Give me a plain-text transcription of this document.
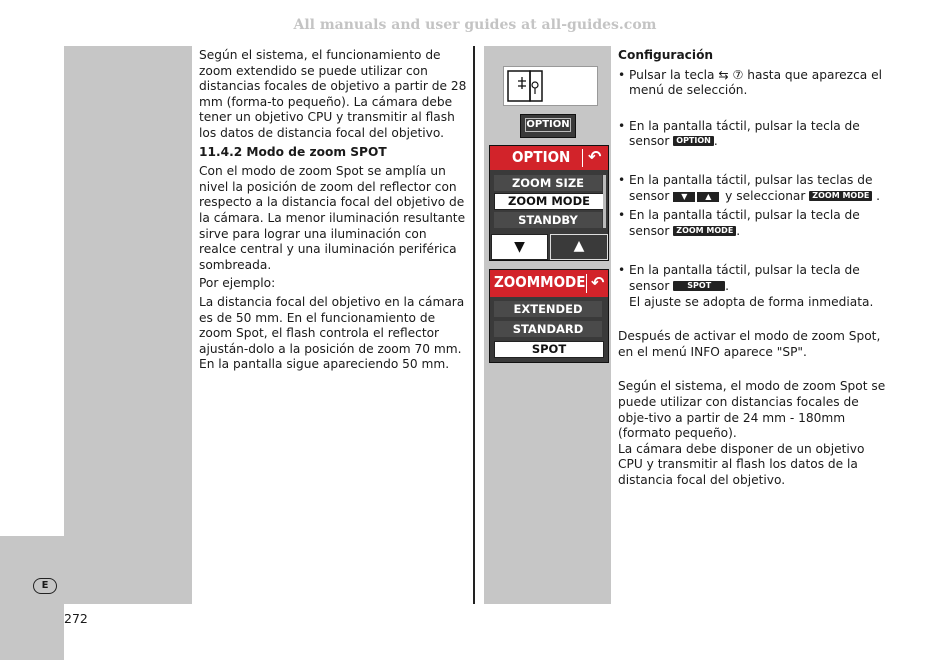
All manuals and user guides at all-guides.com

Según el sistema, el funcionamiento de zoom extendido se puede utilizar con distancias focales de objetivo a partir de 28 mm (forma-to pequeño). La cámara debe tener un objetivo CPU y transmitir al flash los datos de distancia focal del objetivo.

11.4.2 Modo de zoom SPOT

Con el modo de zoom Spot se amplía un nivel la posición de zoom del reflector con respecto a la distancia focal del objetivo de la cámara. La menor iluminación resultante sirve para lograr una iluminación con realce central y una iluminación periférica sombreada.

Por ejemplo:

La distancia focal del objetivo en la cámara es de 50 mm. En el funcionamiento de zoom Spot, el flash controla el reflector ajustán-dolo a la posición de zoom 70 mm.

En la pantalla sigue apareciendo 50 mm.

OPTION
OPTION ↶
ZOOM SIZE
ZOOM MODE
STANDBY
▼	▲
ZOOMMODE ↶
EXTENDED
STANDARD
SPOT

Configuración

• Pulsar la tecla ⇆ ⑦ hasta que aparezca el menú de selección.

• En la pantalla táctil, pulsar la tecla de sensor OPTION .

• En la pantalla táctil, pulsar las teclas de sensor ▼ ▲ y seleccionar ZOOM MODE .

• En la pantalla táctil, pulsar la tecla de sensor ZOOM MODE .

• En la pantalla táctil, pulsar la tecla de sensor SPOT .
El ajuste se adopta de forma inmediata.

Después de activar el modo de zoom Spot, en el menú INFO aparece "SP".

Según el sistema, el modo de zoom Spot se puede utilizar con distancias focales de obje-tivo a partir de 24 mm - 180mm (formato pequeño).

La cámara debe disponer de un objetivo CPU y transmitir al flash los datos de la distancia focal del objetivo.

E
272
